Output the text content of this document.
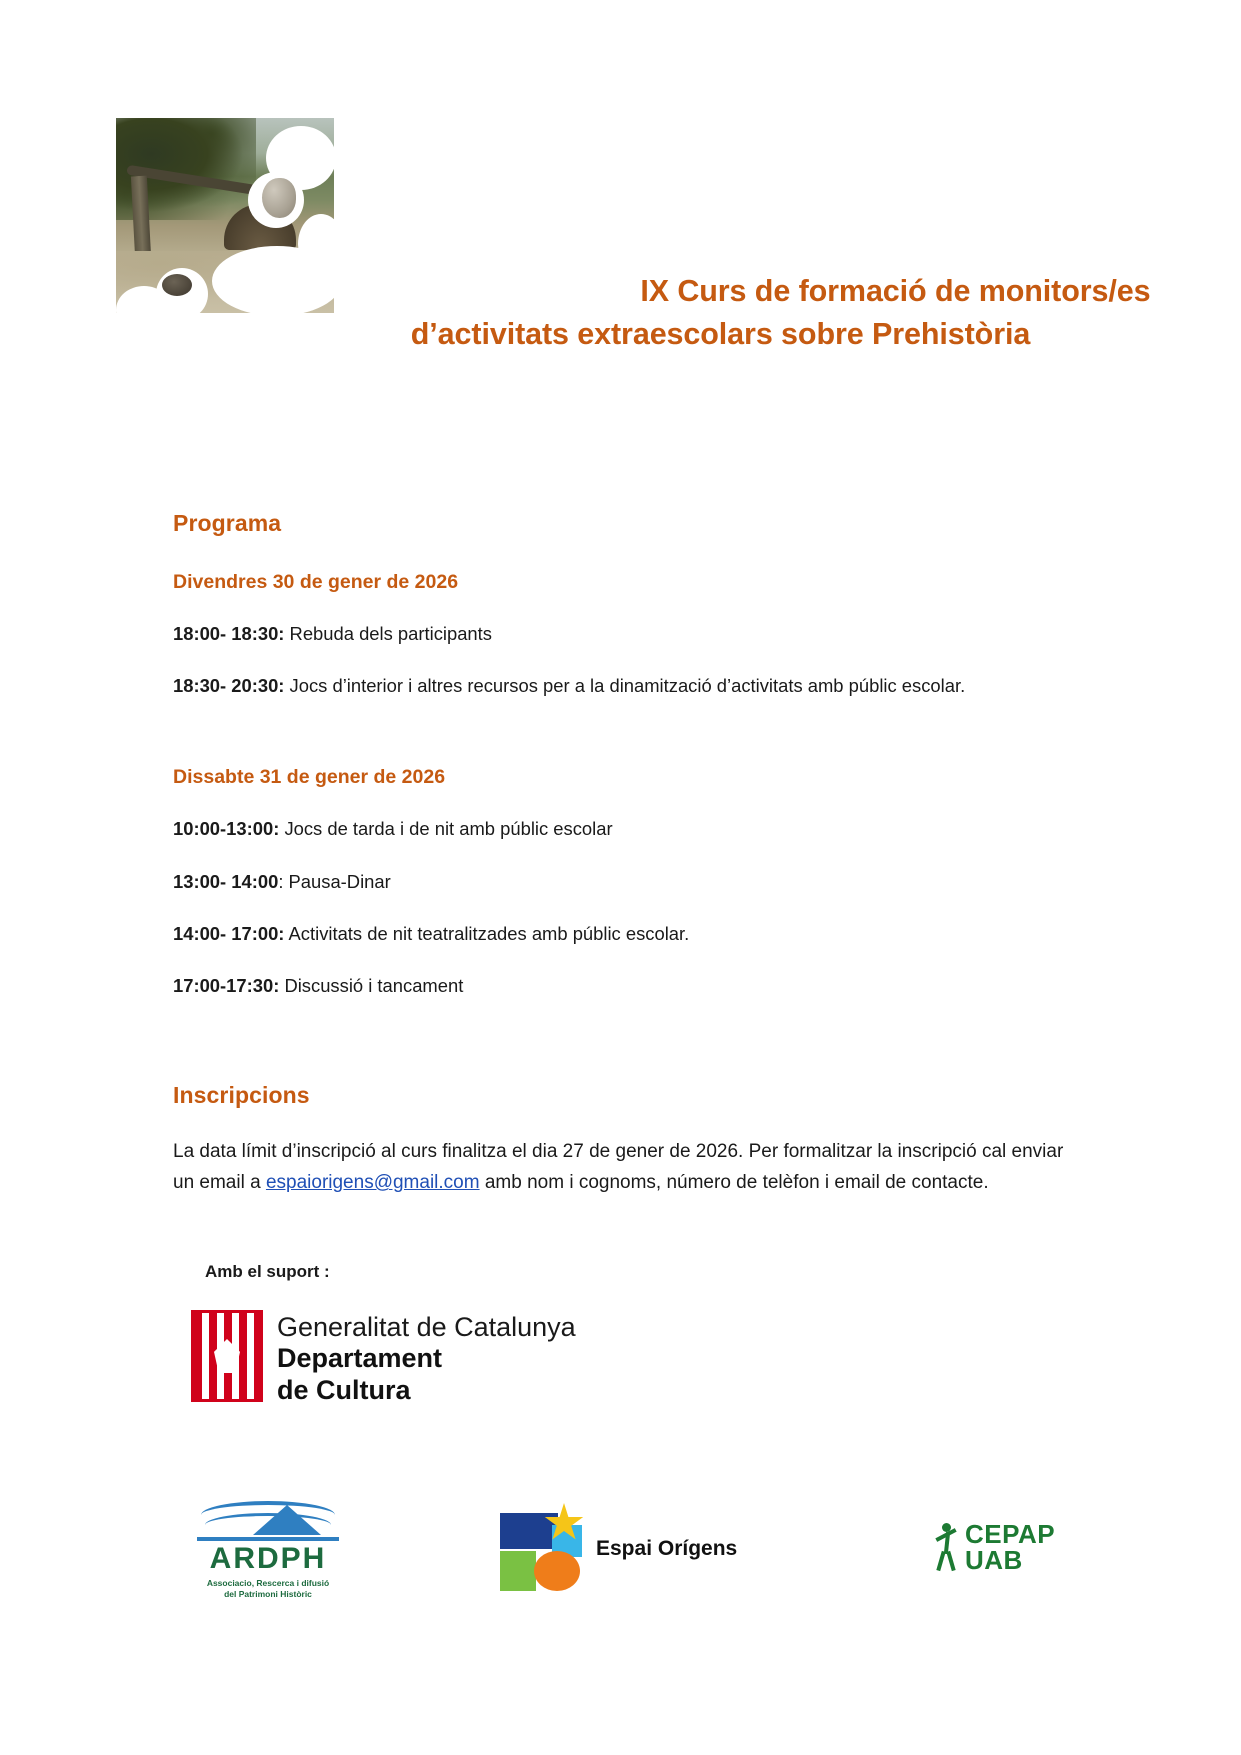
IX Curs de formació de monitors/es
d’activitats extraescolars sobre Prehistòria
Programa
Divendres 30 de gener de 2026

18:00- 18:30: Rebuda dels participants

18:30- 20:30: Jocs d’interior i altres recursos per a la dinamització d’activitats amb públic escolar.

Dissabte 31 de gener de 2026

10:00-13:00: Jocs de tarda i de nit amb públic escolar

13:00- 14:00: Pausa-Dinar

14:00- 17:00: Activitats de nit teatralitzades amb públic escolar.

17:00-17:30: Discussió i tancament

Inscripcions

La data límit d’inscripció al curs finalitza el dia 27 de gener de 2026. Per formalitzar la inscripció cal enviar un email a espaiorigens@gmail.com amb nom i cognoms, número de telèfon i email de contacte.

Amb el suport :

Generalitat de Catalunya
Departament
de Cultura
ARDPH
Associacio, Rescerca i difusió
del Patrimoni Històric
Espai Orígens	CEPAP
UAB
